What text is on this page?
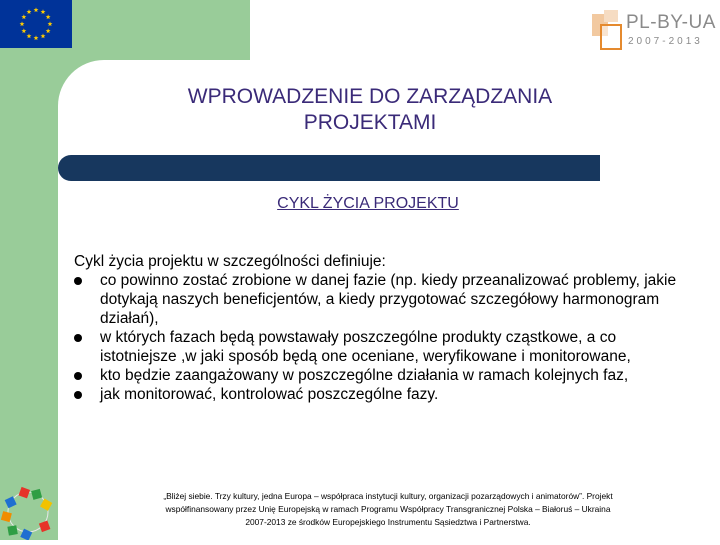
PL-BY-UA
2007-2013
WPROWADZENIE DO ZARZĄDZANIA
PROJEKTAMI
CYKL ŻYCIA PROJEKTU

Cykl życia projektu w szczególności definiuje:

co powinno zostać zrobione w danej fazie (np. kiedy przeanalizować problemy, jakie dotykają naszych beneficjentów, a kiedy przygotować szczegółowy harmonogram działań),
w których fazach będą powstawały poszczególne produkty cząstkowe, a co istotniejsze ,w jaki sposób będą one oceniane, weryfikowane i monitorowane,
kto będzie zaangażowany w poszczególne działania w ramach kolejnych faz,
jak monitorować, kontrolować poszczególne fazy.
„Bliżej siebie. Trzy kultury, jedna Europa – współpraca instytucji kultury, organizacji pozarządowych i animatorów”. Projekt
współfinansowany przez Unię Europejską w ramach Programu Współpracy Transgranicznej Polska – Białoruś – Ukraina
2007-2013 ze środków Europejskiego Instrumentu Sąsiedztwa i Partnerstwa.
